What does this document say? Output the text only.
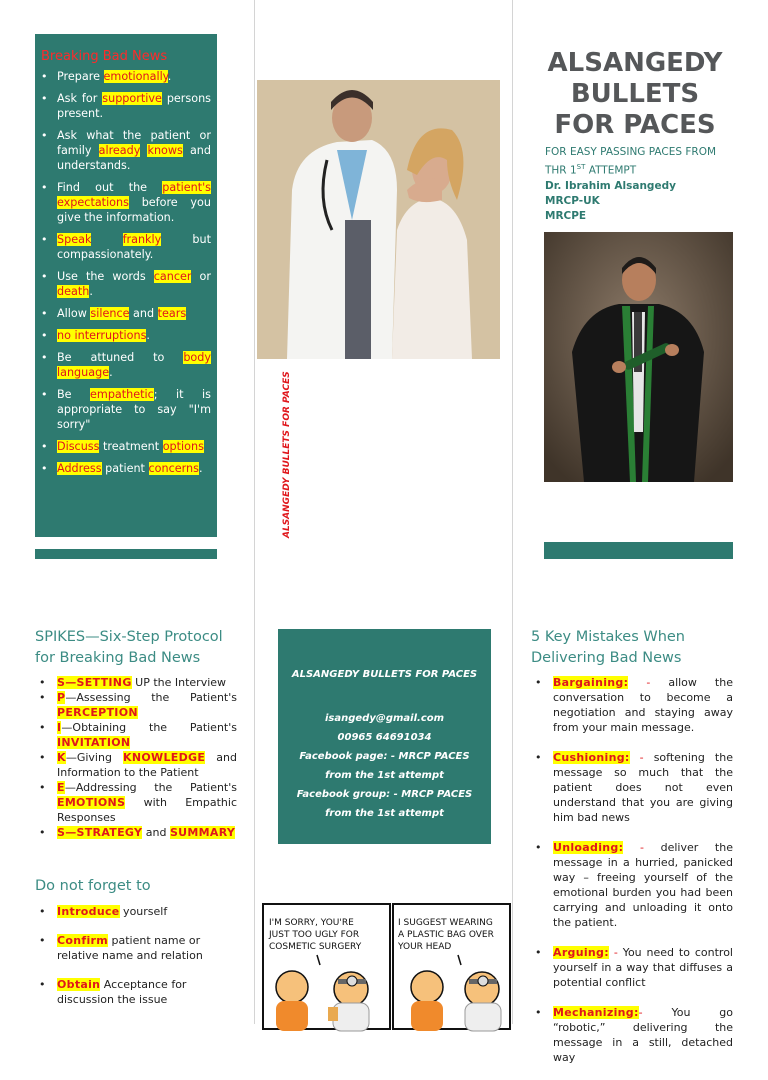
Breaking Bad News
• Prepare emotionally.
• Ask for supportive persons present.
• Ask what the patient or family already knows and understands.
• Find out the patient's expectations before you give the information.
• Speak	frankly but compassionately.
• Use the words cancer or death.
• Allow silence and tears
• no interruptions.
• Be attuned to body language.
• Be empathetic; it is appropriate to say "I'm sorry"
• Discuss treatment options
• Address patient concerns.	ALSANGEDY BULLETS FOR PACES
ALSANGEDY
BULLETS
FOR PACES
FOR EASY PASSING PACES FROM THR 1ST ATTEMPT
Dr. Ibrahim Alsangedy
MRCP-UK
MRCPE
SPIKES—Six-Step Protocol for Breaking Bad News
• S—SETTING UP the Interview
• P—Assessing the Patient's PERCEPTION
• I—Obtaining the Patient's INVITATION
• K—Giving KNOWLEDGE and Information to the Patient
• E—Addressing the Patient's EMOTIONS with Empathic Responses
• S—STRATEGY and SUMMARY
Do not forget to
• Introduce yourself
• Confirm patient name or relative name and relation
• Obtain Acceptance for discussion the issue
ALSANGEDY BULLETS FOR PACES
isangedy@gmail.com
00965 64691034
Facebook page: - MRCP PACES
from the 1st attempt
Facebook group: - MRCP PACES
from the 1st attempt
I'M SORRY, YOU'RE
JUST TOO UGLY FOR
COSMETIC SURGERY
I SUGGEST WEARING
A PLASTIC BAG OVER
YOUR HEAD
5 Key Mistakes When Delivering Bad News
• Bargaining: - allow the conversation to become a negotiation and staying away from your main message.
• Cushioning: - softening the message so much that the patient does not even understand that you are giving him bad news
• Unloading: - deliver the message in a hurried, panicked way – freeing yourself of the emotional burden you had been carrying and unloading it onto the patient.
• Arguing: - You need to control yourself in a way that diffuses a potential conflict
• Mechanizing:- You go “robotic,” delivering the message in a still, detached way
